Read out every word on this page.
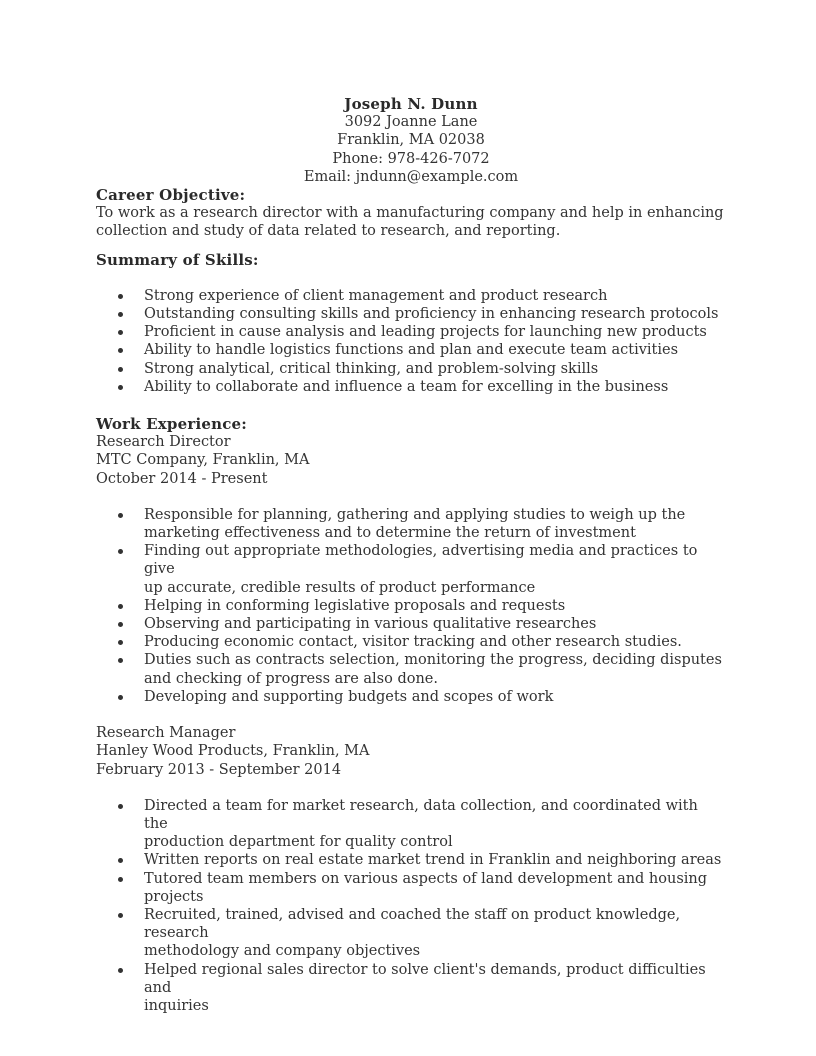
Joseph N. Dunn
3092 Joanne Lane
Franklin, MA 02038
Phone: 978-426-7072
Email: jndunn@example.com
Career Objective:
To work as a research director with a manufacturing company and help in enhancing
collection and study of data related to research, and reporting.
Summary of Skills:
Strong experience of client management and product research
Outstanding consulting skills and proficiency in enhancing research protocols
Proficient in cause analysis and leading projects for launching new products
Ability to handle logistics functions and plan and execute team activities
Strong analytical, critical thinking, and problem-solving skills
Ability to collaborate and influence a team for excelling in the business
Work Experience:
Research Director
MTC Company, Franklin, MA
October 2014 - Present
Responsible for planning, gathering and applying studies to weigh up the
marketing effectiveness and to determine the return of investment
Finding out appropriate methodologies, advertising media and practices to give
up accurate, credible results of product performance
Helping in conforming legislative proposals and requests
Observing and participating in various qualitative researches
Producing economic contact, visitor tracking and other research studies.
Duties such as contracts selection, monitoring the progress, deciding disputes
and checking of progress are also done.
Developing and supporting budgets and scopes of work
Research Manager
Hanley Wood Products, Franklin, MA
February 2013 - September 2014
Directed a team for market research, data collection, and coordinated with the
production department for quality control
Written reports on real estate market trend in Franklin and neighboring areas
Tutored team members on various aspects of land development and housing
projects
Recruited, trained, advised and coached the staff on product knowledge, research
methodology and company objectives
Helped regional sales director to solve client's demands, product difficulties and
inquiries
